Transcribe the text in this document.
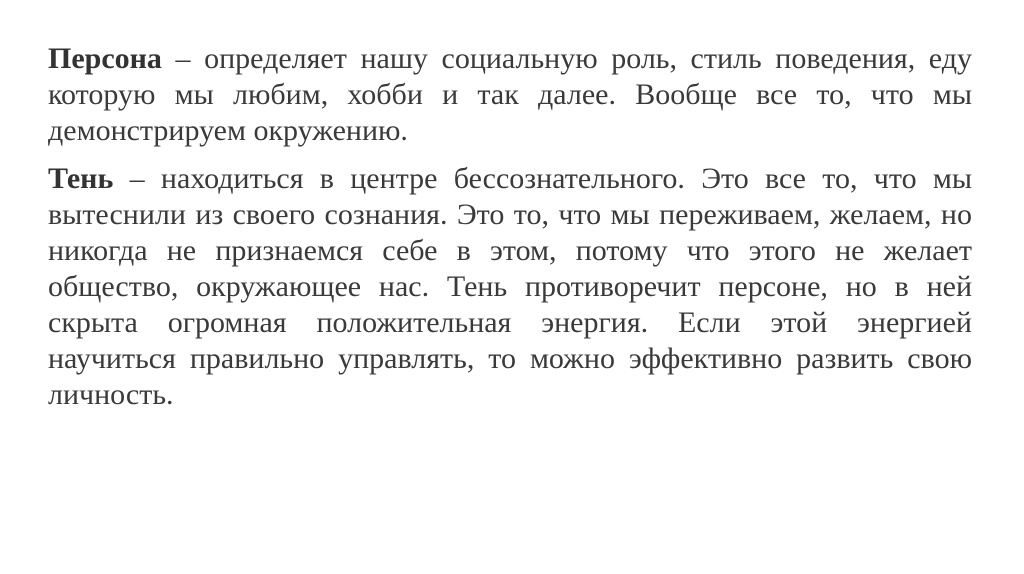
Персона – определяет нашу социальную роль, стиль поведения, еду которую мы любим, хобби и так далее. Вообще все то, что мы демонстрируем окружению.

Тень – находиться в центре бессознательного. Это все то, что мы вытеснили из своего сознания. Это то, что мы переживаем, желаем, но никогда не признаемся себе в этом, потому что этого не желает общество, окружающее нас. Тень противоречит персоне, но в ней скрыта огромная положительная энергия. Если этой энергией научиться правильно управлять, то можно эффективно развить свою личность.
